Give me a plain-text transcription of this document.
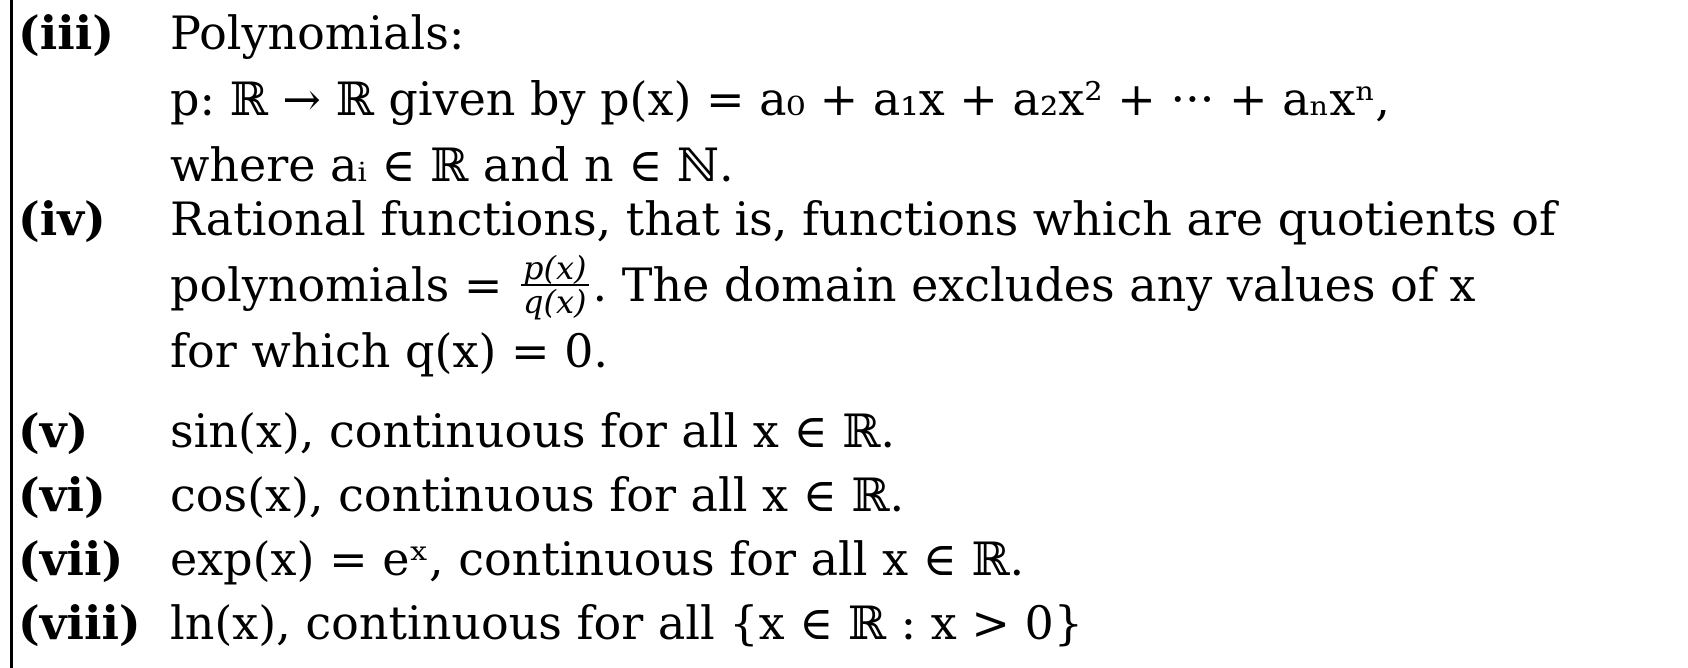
(iii) Polynomials:
p: ℝ → ℝ given by p(x) = a₀ + a₁x + a₂x² + ··· + aₙxⁿ,
where aᵢ ∈ ℝ and n ∈ ℕ.
(iv) Rational functions, that is, functions which are quotients of
polynomials = $\frac{p(x)}{q(x)}$ . The domain excludes any values of x
for which q(x) = 0.
(v) sin(x), continuous for all x ∈ ℝ.
(vi) cos(x), continuous for all x ∈ ℝ.
(vii) exp(x) = eˣ, continuous for all x ∈ ℝ.
(viii) ln(x), continuous for all {x ∈ ℝ : x > 0}
